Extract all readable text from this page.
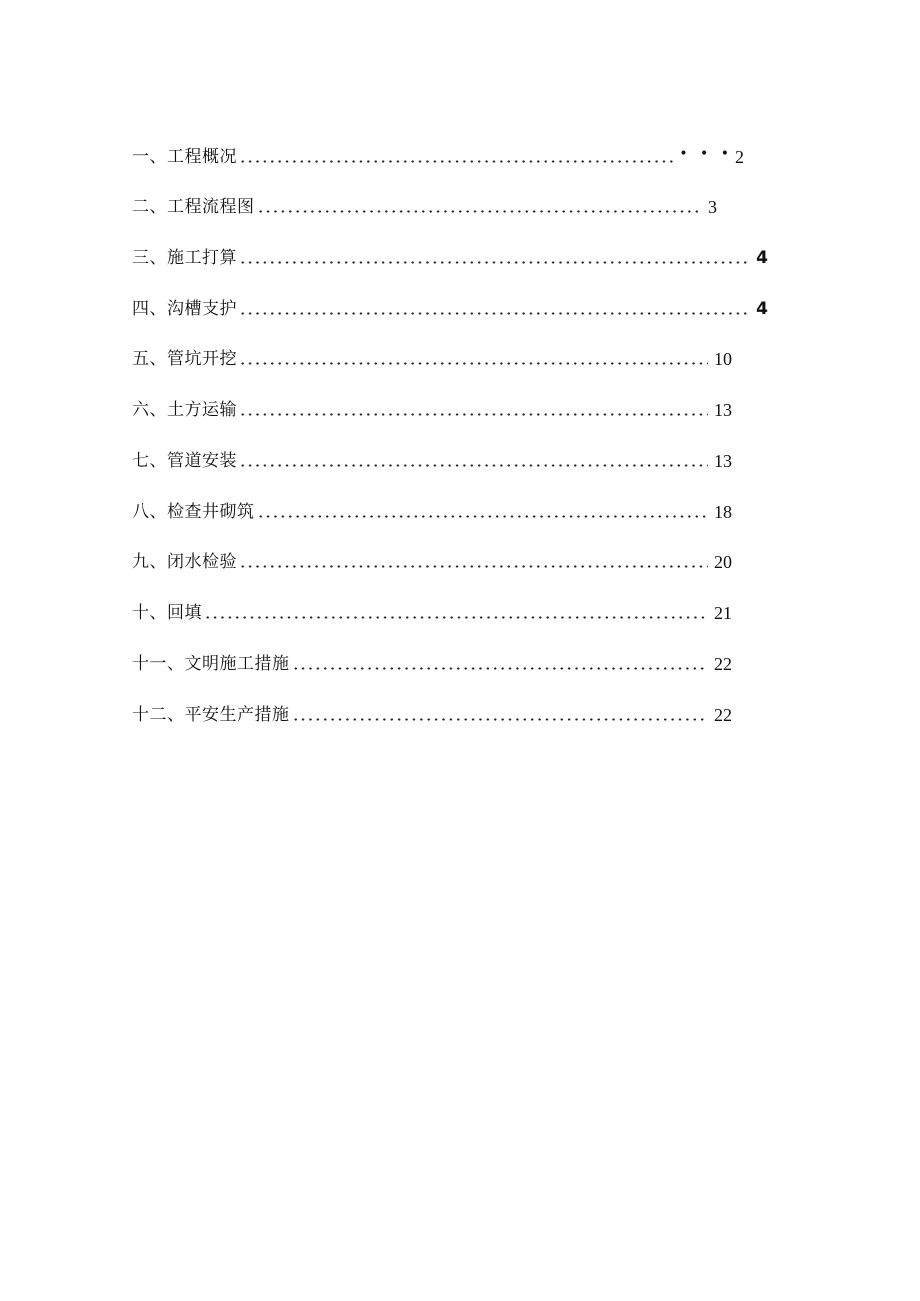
一、工程概况	• • • 2
二、工程流程图	3
三、施工打算	4
四、沟槽支护	4
五、管坑开挖	10
六、土方运输	13
七、管道安装	13
八、检查井砌筑	18
九、闭水检验	20
十、回填	21
十一、文明施工措施	22
十二、平安生产措施	22
